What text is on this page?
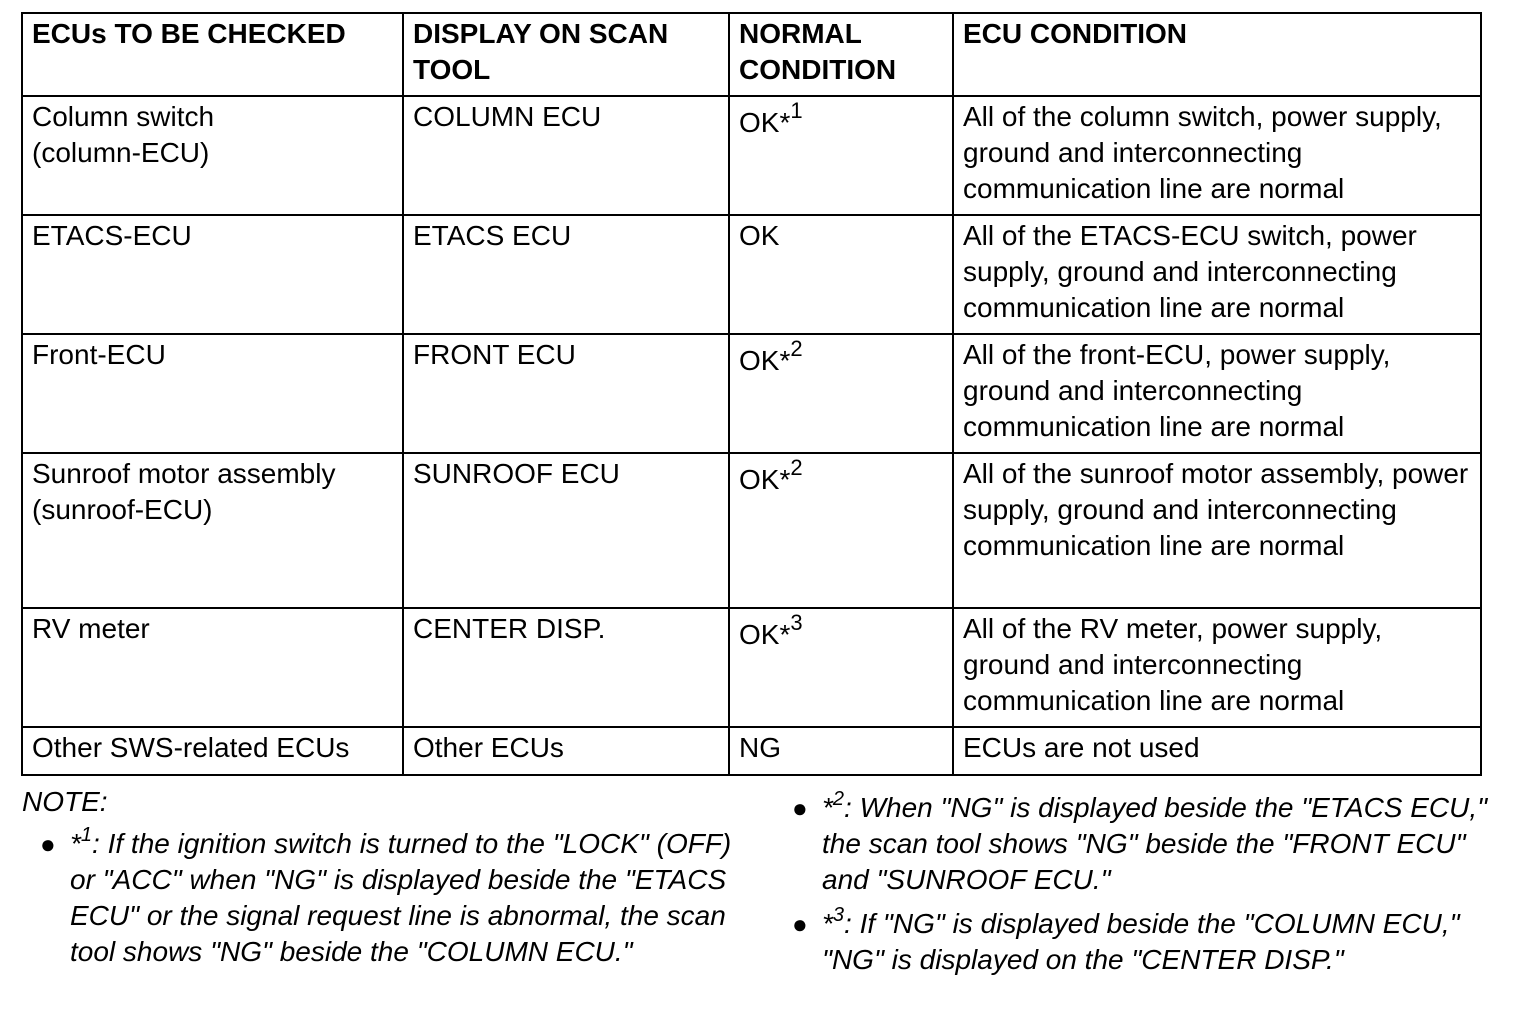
ECUs TO BE CHECKED	DISPLAY ON SCAN TOOL	NORMAL CONDITION	ECU CONDITION
Column switch
(column-ECU)	COLUMN ECU	OK*$^1$	All of the column switch, power supply, ground and interconnecting communication line are normal
ETACS-ECU	ETACS ECU	OK	All of the ETACS-ECU switch, power supply, ground and interconnecting communication line are normal
Front-ECU	FRONT ECU	OK*$^2$	All of the front-ECU, power supply, ground and interconnecting communication line are normal
Sunroof motor assembly
(sunroof-ECU)	SUNROOF ECU	OK*$^2$	All of the sunroof motor assembly, power supply, ground and interconnecting communication line are normal
RV meter	CENTER DISP.	OK*$^3$	All of the RV meter, power supply, ground and interconnecting communication line are normal
Other SWS-related ECUs	Other ECUs	NG	ECUs are not used
NOTE:
● *$^1$: If the ignition switch is turned to the "LOCK" (OFF) or "ACC" when "NG" is displayed beside the "ETACS ECU" or the signal request line is abnormal, the scan tool shows "NG" beside the "COLUMN ECU."
● *$^2$: When "NG" is displayed beside the "ETACS ECU," the scan tool shows "NG" beside the "FRONT ECU" and "SUNROOF ECU."
● *$^3$: If "NG" is displayed beside the "COLUMN ECU," "NG" is displayed on the "CENTER DISP."
